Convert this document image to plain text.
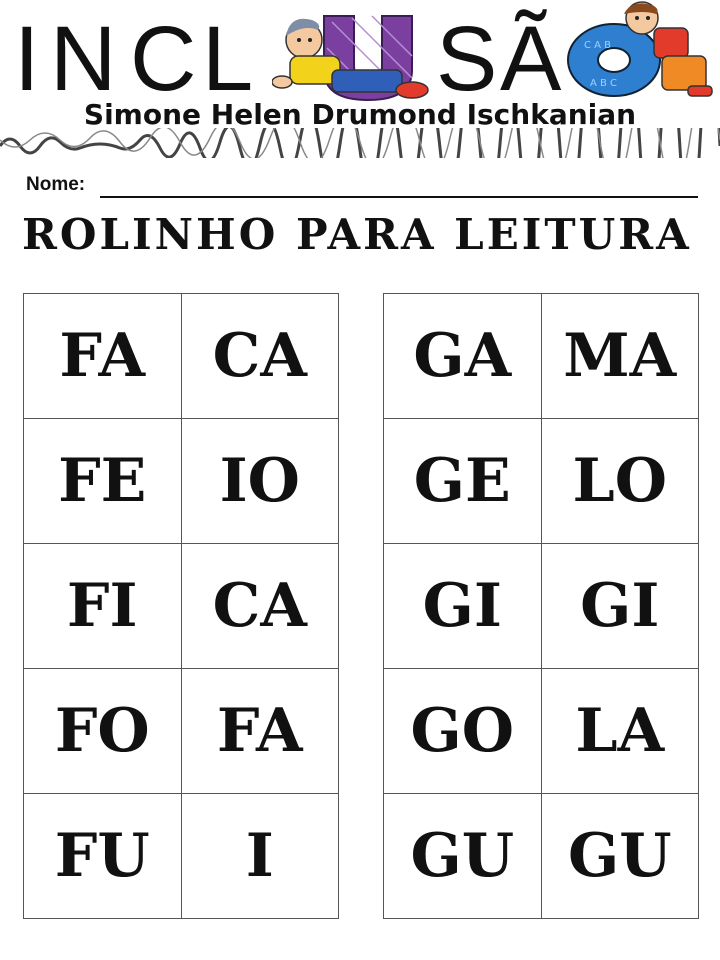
I N C L S
Ã C A B
A B C
Simone Helen Drumond Ischkanian
Nome:
ROLINHO PARA LEITURA
FA	CA
FE	IO
FI	CA
FO	FA
FU	I
GA	MA
GE	LO
GI	GI
GO	LA
GU	GU
